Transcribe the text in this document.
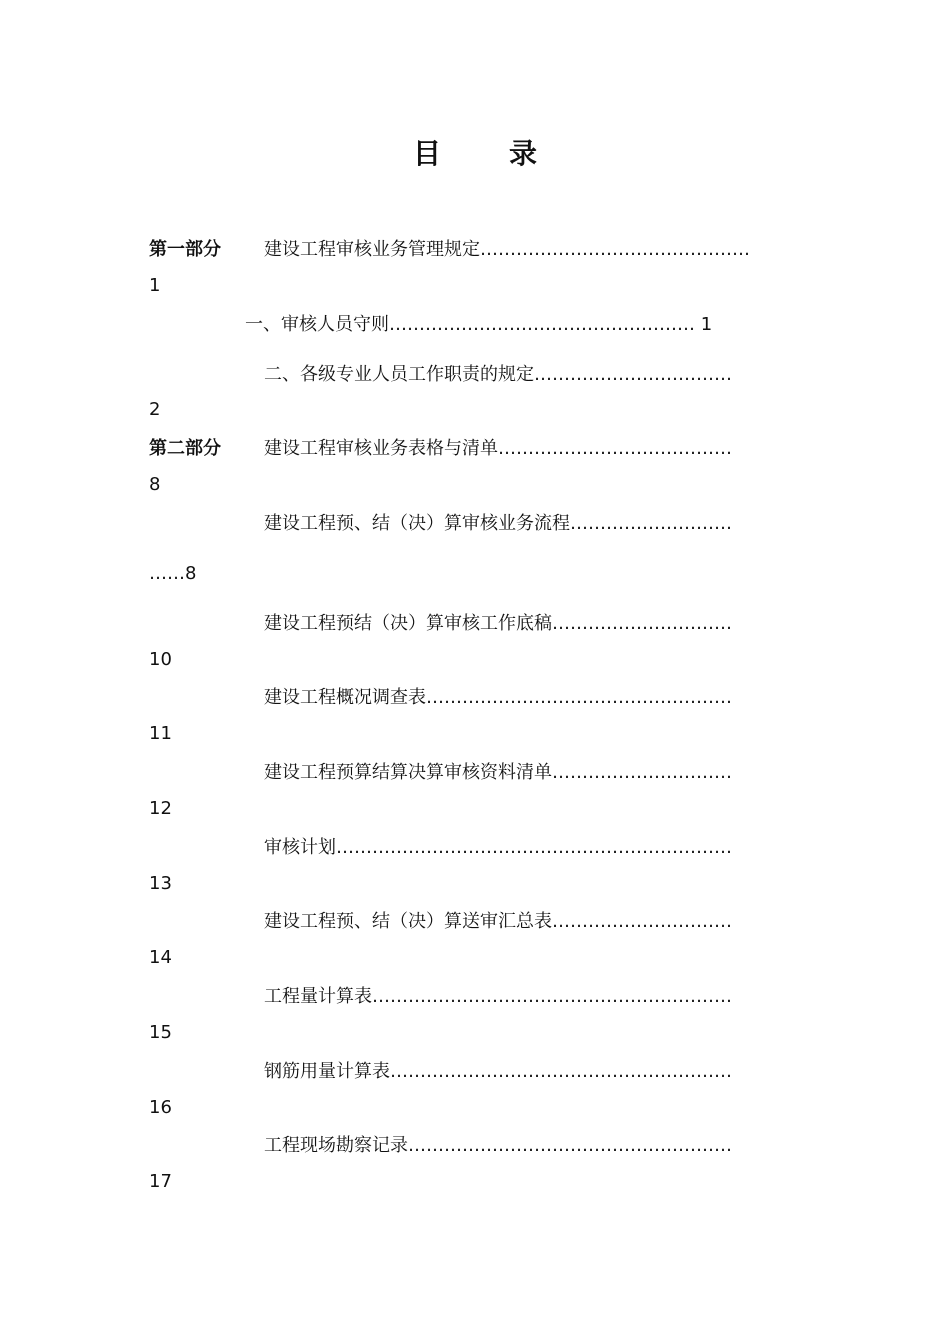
目 录
第一部分 建设工程审核业务管理规定………………………………………
1
一、审核人员守则…………………………………………… 1
二、各级专业人员工作职责的规定……………………………
2
第二部分 建设工程审核业务表格与清单…………………………………
8
建设工程预、结（决）算审核业务流程………………………
……8
建设工程预结（决）算审核工作底稿…………………………
10
建设工程概况调查表……………………………………………
11
建设工程预算结算决算审核资料清单…………………………
12
审核计划…………………………………………………………
13
建设工程预、结（决）算送审汇总表…………………………
14
工程量计算表……………………………………………………
15
钢筋用量计算表…………………………………………………
16
工程现场勘察记录………………………………………………
17
